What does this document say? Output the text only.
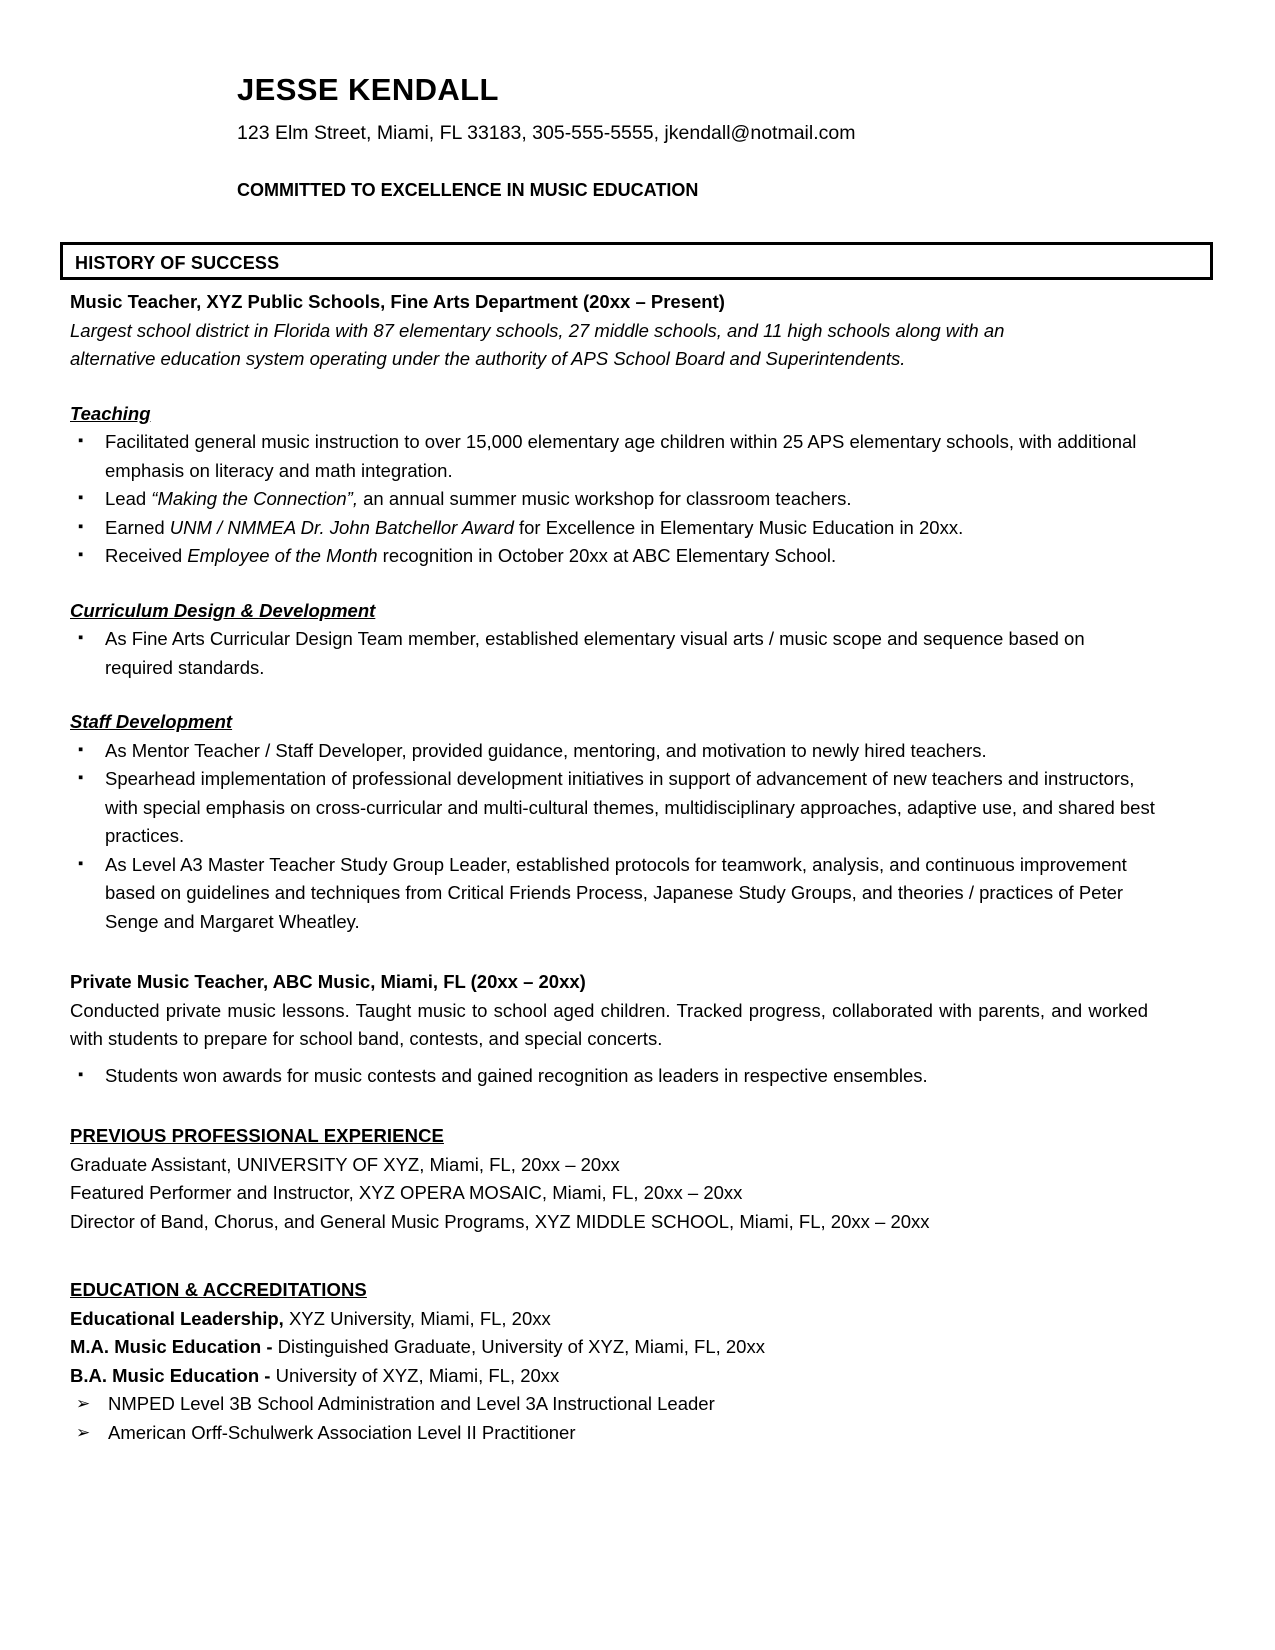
JESSE KENDALL
123 Elm Street, Miami, FL 33183, 305-555-5555, jkendall@notmail.com
COMMITTED TO EXCELLENCE IN MUSIC EDUCATION
HISTORY OF SUCCESS

Music Teacher, XYZ Public Schools, Fine Arts Department (20xx – Present)

Largest school district in Florida with 87 elementary schools, 27 middle schools, and 11 high schools along with an alternative education system operating under the authority of APS School Board and Superintendents.

Teaching
▪ Facilitated general music instruction to over 15,000 elementary age children within 25 APS elementary schools, with additional emphasis on literacy and math integration.
▪ Lead “Making the Connection”, an annual summer music workshop for classroom teachers.
▪ Earned UNM / NMMEA Dr. John Batchellor Award for Excellence in Elementary Music Education in 20xx.
▪ Received Employee of the Month recognition in October 20xx at ABC Elementary School.
Curriculum Design & Development
▪ As Fine Arts Curricular Design Team member, established elementary visual arts / music scope and sequence based on required standards.
Staff Development
▪ As Mentor Teacher / Staff Developer, provided guidance, mentoring, and motivation to newly hired teachers.
▪ Spearhead implementation of professional development initiatives in support of advancement of new teachers and instructors, with special emphasis on cross-curricular and multi-cultural themes, multidisciplinary approaches, adaptive use, and shared best practices.
▪ As Level A3 Master Teacher Study Group Leader, established protocols for teamwork, analysis, and continuous improvement based on guidelines and techniques from Critical Friends Process, Japanese Study Groups, and theories / practices of Peter Senge and Margaret Wheatley.

Private Music Teacher, ABC Music, Miami, FL (20xx – 20xx)

Conducted private music lessons. Taught music to school aged children. Tracked progress, collaborated with parents, and worked with students to prepare for school band, contests, and special concerts.

▪ Students won awards for music contests and gained recognition as leaders in respective ensembles.
PREVIOUS PROFESSIONAL EXPERIENCE

Graduate Assistant, UNIVERSITY OF XYZ, Miami, FL, 20xx – 20xx

Featured Performer and Instructor, XYZ OPERA MOSAIC, Miami, FL, 20xx – 20xx

Director of Band, Chorus, and General Music Programs, XYZ MIDDLE SCHOOL, Miami, FL, 20xx – 20xx

EDUCATION & ACCREDITATIONS

Educational Leadership, XYZ University, Miami, FL, 20xx

M.A. Music Education - Distinguished Graduate, University of XYZ, Miami, FL, 20xx

B.A. Music Education - University of XYZ, Miami, FL, 20xx

➢ NMPED Level 3B School Administration and Level 3A Instructional Leader
➢ American Orff-Schulwerk Association Level II Practitioner
